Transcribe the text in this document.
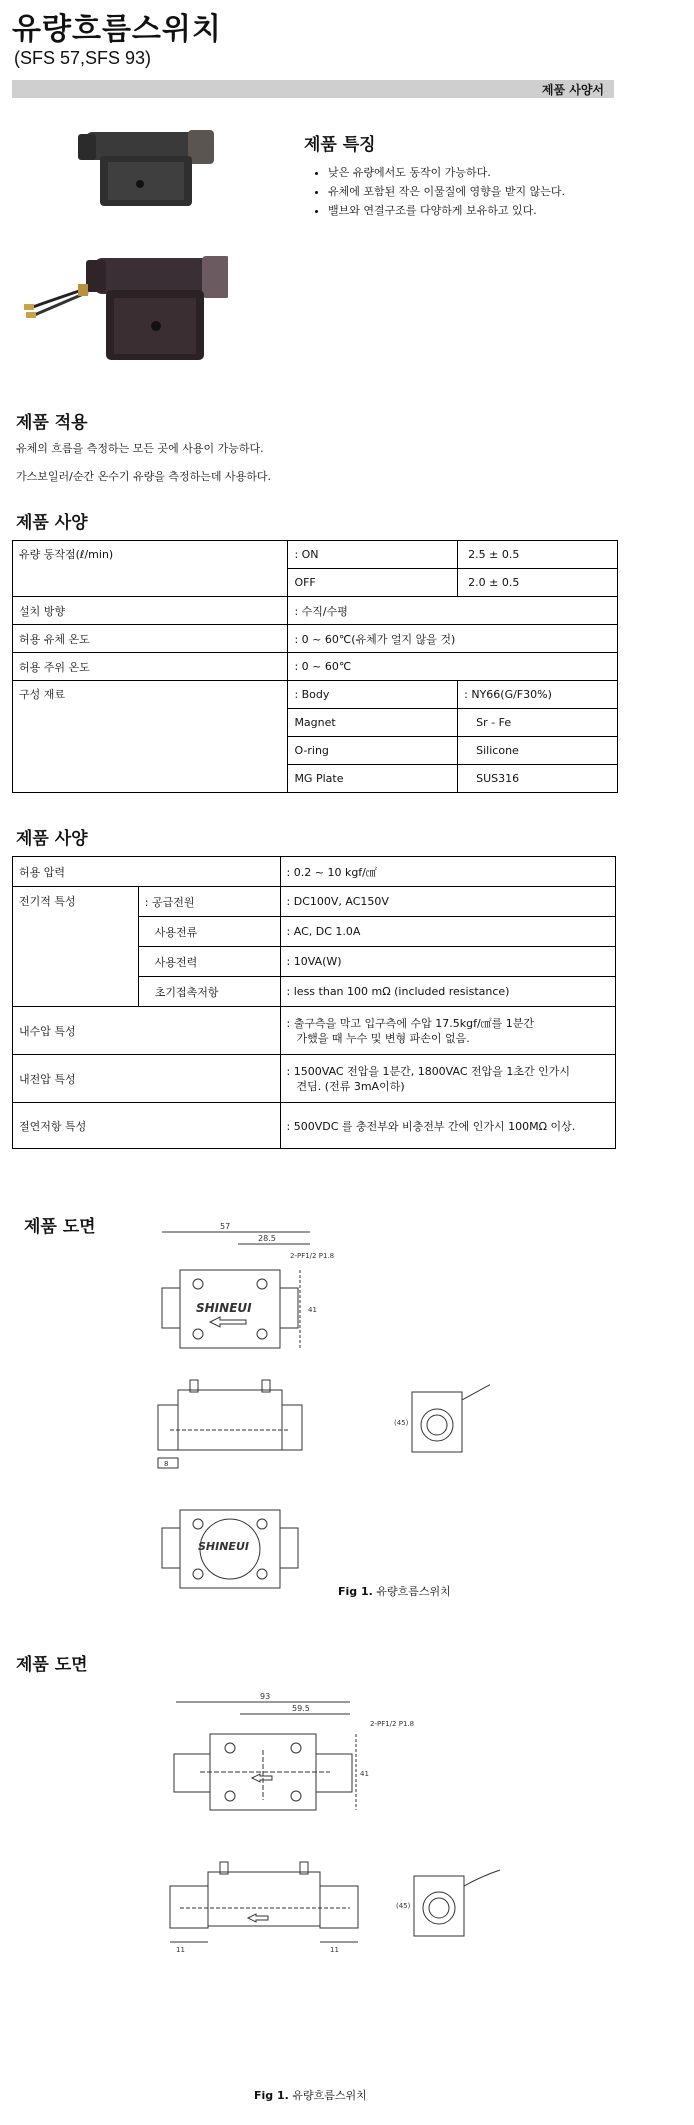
유량흐름스위치
(SFS 57,SFS 93)
제품 사양서
제품 특징
• 낮은 유량에서도 동작이 가능하다.
• 유체에 포함된 작은 이물질에 영향을 받지 않는다.
• 밸브와 연결구조를 다양하게 보유하고 있다.
제품 적용
유체의 흐름을 측정하는 모든 곳에 사용이 가능하다.
가스보일러/순간 온수기 유량을 측정하는데 사용하다.
제품 사양
유량 동작점(ℓ/min)	: ON	2.5 ± 0.5
	OFF	2.0 ± 0.5
설치 방향	: 수직/수평	
허용 유체 온도	: 0 ~ 60℃(유체가 얼지 않을 것)	
허용 주위 온도	: 0 ~ 60℃	
구성 재료	: Body	: NY66(G/F30%)
	Magnet	Sr - Fe
	O-ring	Silicone
	MG Plate	SUS316
제품 사양
허용 압력		: 0.2 ~ 10 kgf/㎠
전기적 특성	: 공급전원	: DC100V, AC150V
	사용전류	: AC, DC 1.0A
	사용전력	: 10VA(W)
	초기접촉저항	: less than 100 mΩ (included resistance)
내수압 특성		: 출구측을 막고 입구측에 수압 17.5kgf/㎠를 1분간
가했을 때 누수 및 변형 파손이 없음.

내전압 특성		: 1500VAC 전압을 1분간, 1800VAC 전압을 1초간 인가시
견딤. (전류 3mA이하)

절연저항 특성		: 500VDC 를 충전부와 비충전부 간에 인가시 100MΩ 이상.
제품 도면	57
28.5
2-PF1/2 P1.8
41
SHINEUI
8
(45)
SHINEUI
Fig 1. 유량흐름스위치
제품 도면
93
59.5
2-PF1/2 P1.8
41
11	11
(45)
Fig 1. 유량흐름스위치
